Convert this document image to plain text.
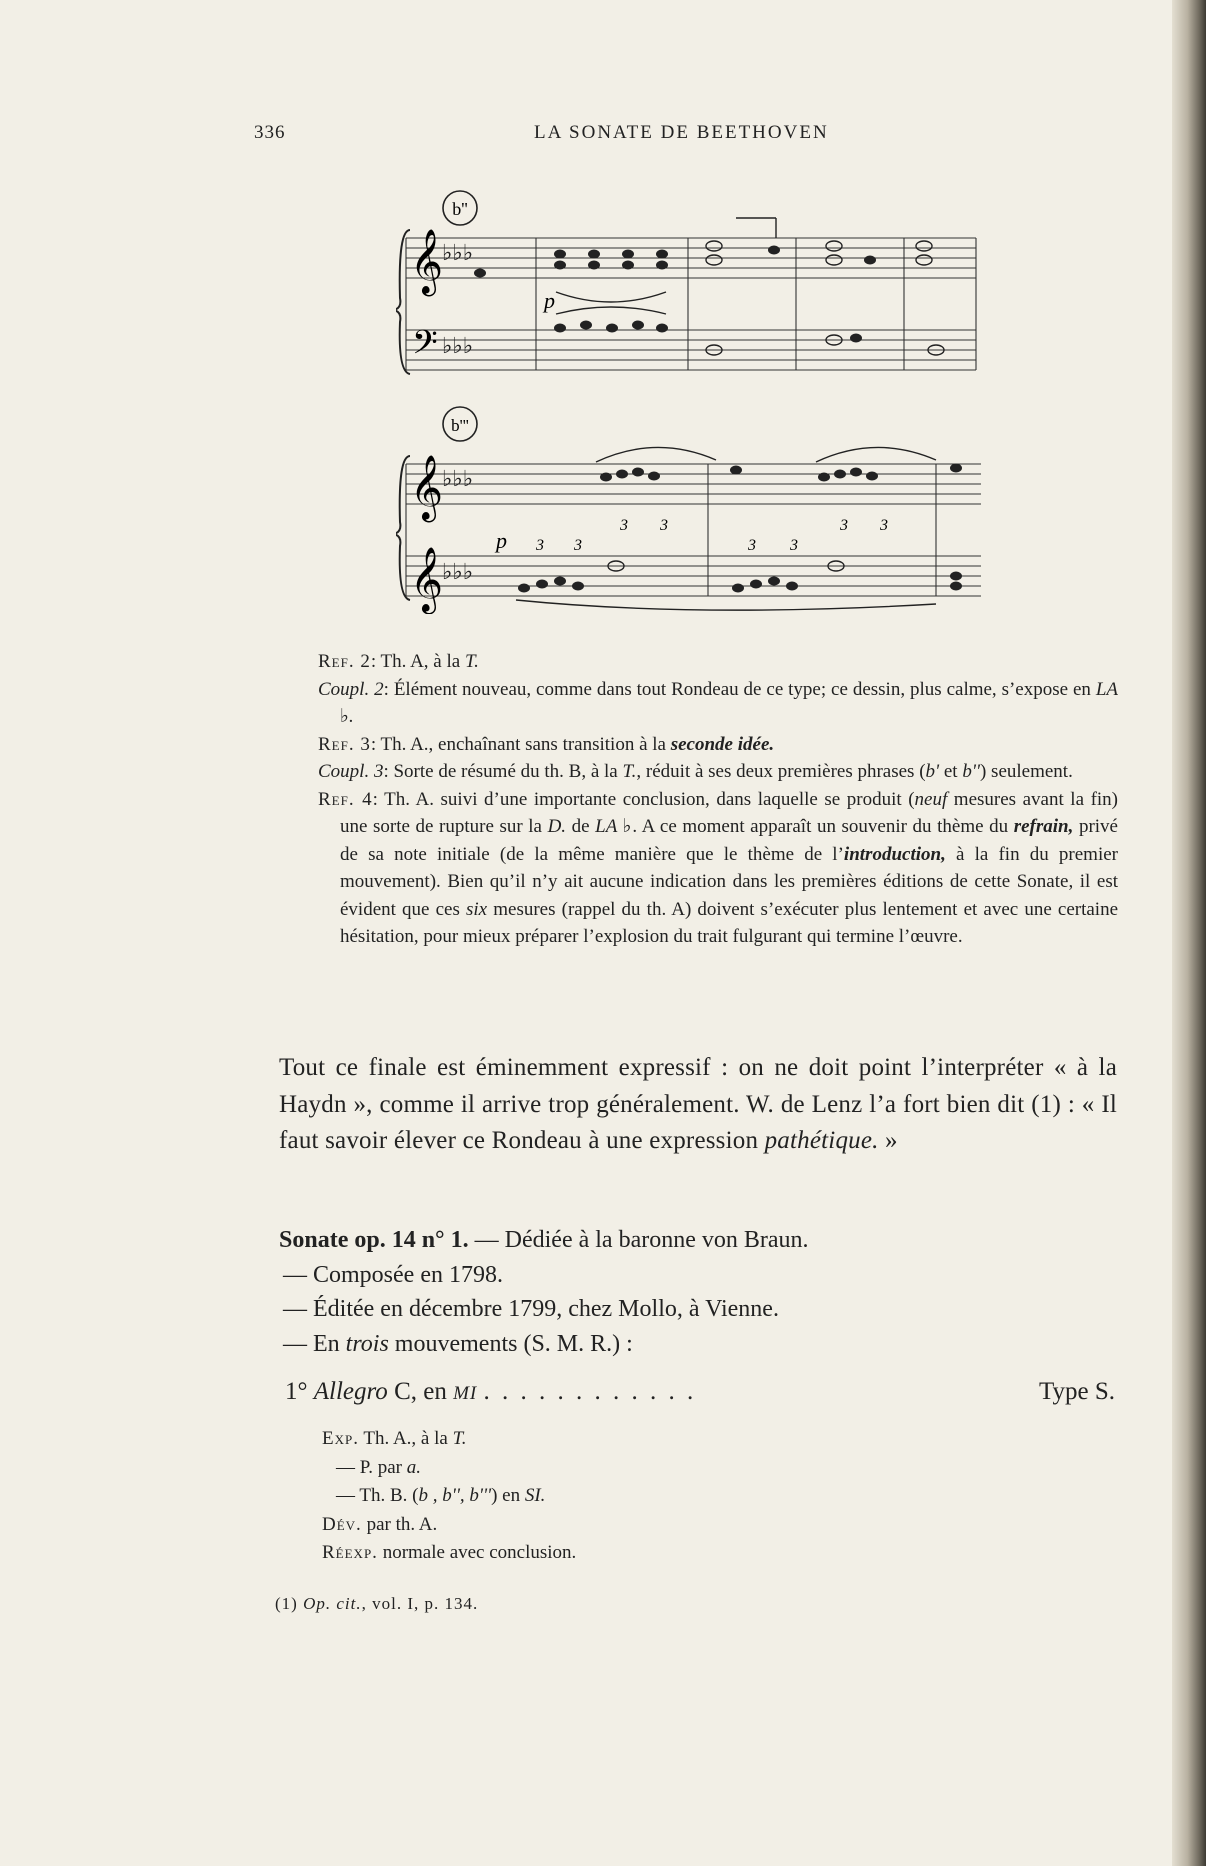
336	LA SONATE DE BEETHOVEN
b''
𝄞
𝄢
♭♭♭
♭♭♭
p
b'''
𝄞
𝄞
♭♭♭
♭♭♭
3 3	3 3
3 3	3 3
p

Ref. 2: Th. A, à la T.

Coupl. 2: Élément nouveau, comme dans tout Rondeau de ce type; ce dessin, plus calme, s’expose en LA ♭.

Ref. 3: Th. A., enchaînant sans transition à la seconde idée.

Coupl. 3: Sorte de résumé du th. B, à la T., réduit à ses deux premières phrases (b' et b'') seulement.

Ref. 4: Th. A. suivi d’une importante conclusion, dans laquelle se produit (neuf mesures avant la fin) une sorte de rupture sur la D. de LA ♭. A ce moment apparaît un souvenir du thème du refrain, privé de sa note initiale (de la même manière que le thème de l’introduction, à la fin du premier mouvement). Bien qu’il n’y ait aucune indication dans les premières éditions de cette Sonate, il est évident que ces six mesures (rappel du th. A) doivent s’exécuter plus lentement et avec une certaine hésitation, pour mieux préparer l’explosion du trait fulgurant qui termine l’œuvre.

Tout ce finale est éminemment expressif : on ne doit point l’interpréter « à la Haydn », comme il arrive trop généralement. W. de Lenz l’a fort bien dit (1) : « Il faut savoir élever ce Rondeau à une expression pathétique. »
Sonate op. 14 n° 1. — Dédiée à la baronne von Braun.
— Composée en 1798.
— Éditée en décembre 1799, chez Mollo, à Vienne.
— En trois mouvements (S. M. R.) :
1° Allegro C, en MI . . . . . . . . . . . .	Type S.
Exp. Th. A., à la T.
— P. par a.
— Th. B. (b , b'', b''') en SI.
Dév. par th. A.
Réexp. normale avec conclusion.
(1) Op. cit., vol. I, p. 134.
